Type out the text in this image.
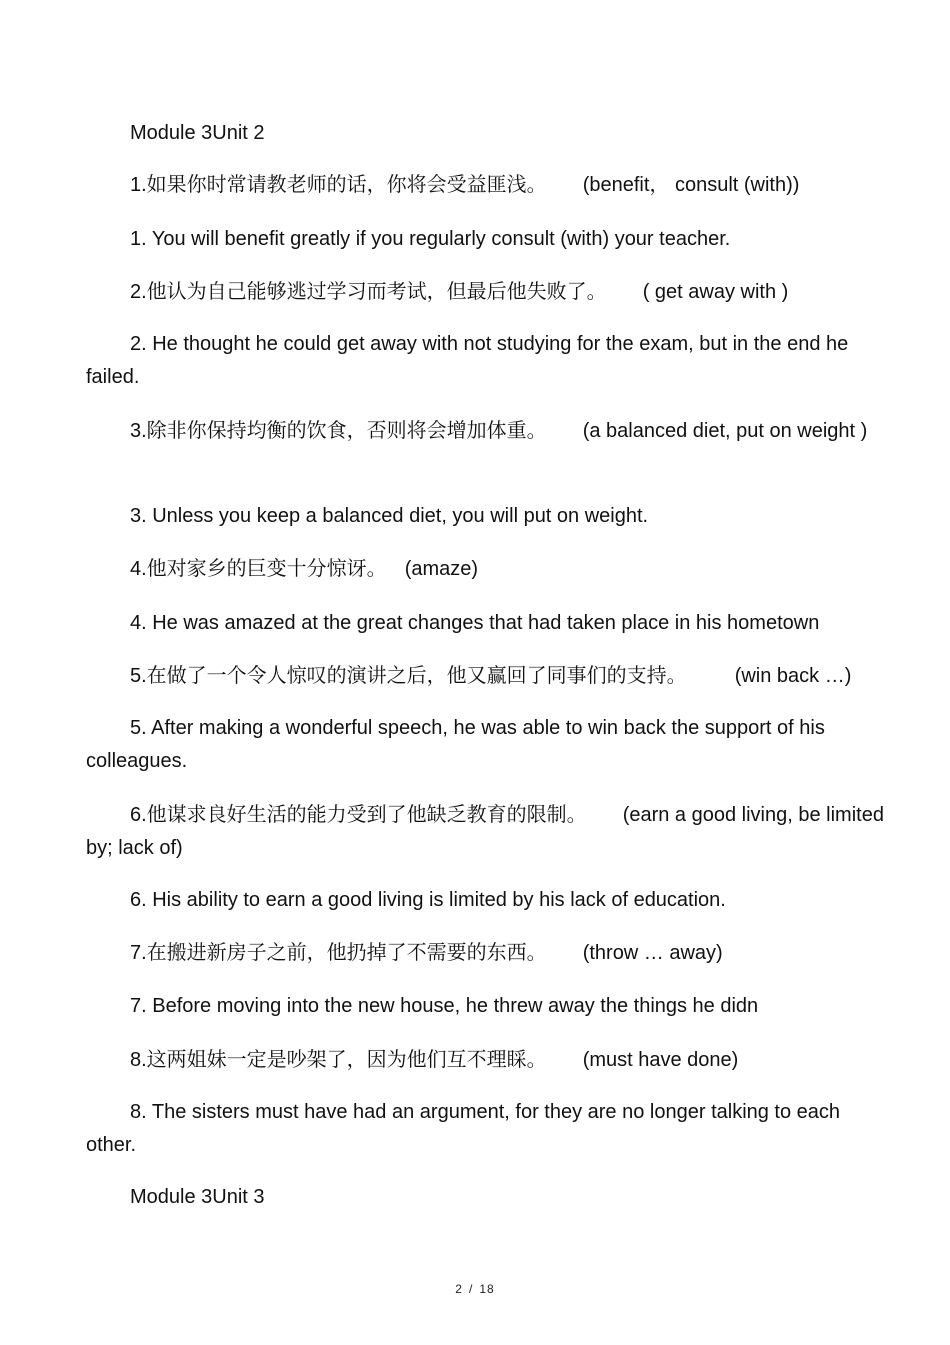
Module 3Unit 2
1.如果你时常请教老师的话，你将会受益匪浅。 (benefit， consult (with))
1. You will benefit greatly if you regularly consult (with) your teacher.
2.他认为自己能够逃过学习而考试，但最后他失败了。 ( get away with )
2. He thought he could get away with not studying for the exam, but in the end he failed.
3.除非你保持均衡的饮食，否则将会增加体重。 (a balanced diet, put on weight )
3. Unless you keep a balanced diet, you will put on weight.
4.他对家乡的巨变十分惊讶。 (amaze)
4. He was amazed at the great changes that had taken place in his hometown
5.在做了一个令人惊叹的演讲之后，他又赢回了同事们的支持。 (win back …)
5. After making a wonderful speech, he was able to win back the support of his colleagues.
6.他谋求良好生活的能力受到了他缺乏教育的限制。 (earn a good living, be limited by; lack of)
6. His ability to earn a good living is limited by his lack of education.
7.在搬进新房子之前，他扔掉了不需要的东西。 (throw … away)
7. Before moving into the new house, he threw away the things he didn
8.这两姐妹一定是吵架了，因为他们互不理睬。 (must have done)
8. The sisters must have had an argument, for they are no longer talking to each other.
Module 3Unit 3
2 / 18
